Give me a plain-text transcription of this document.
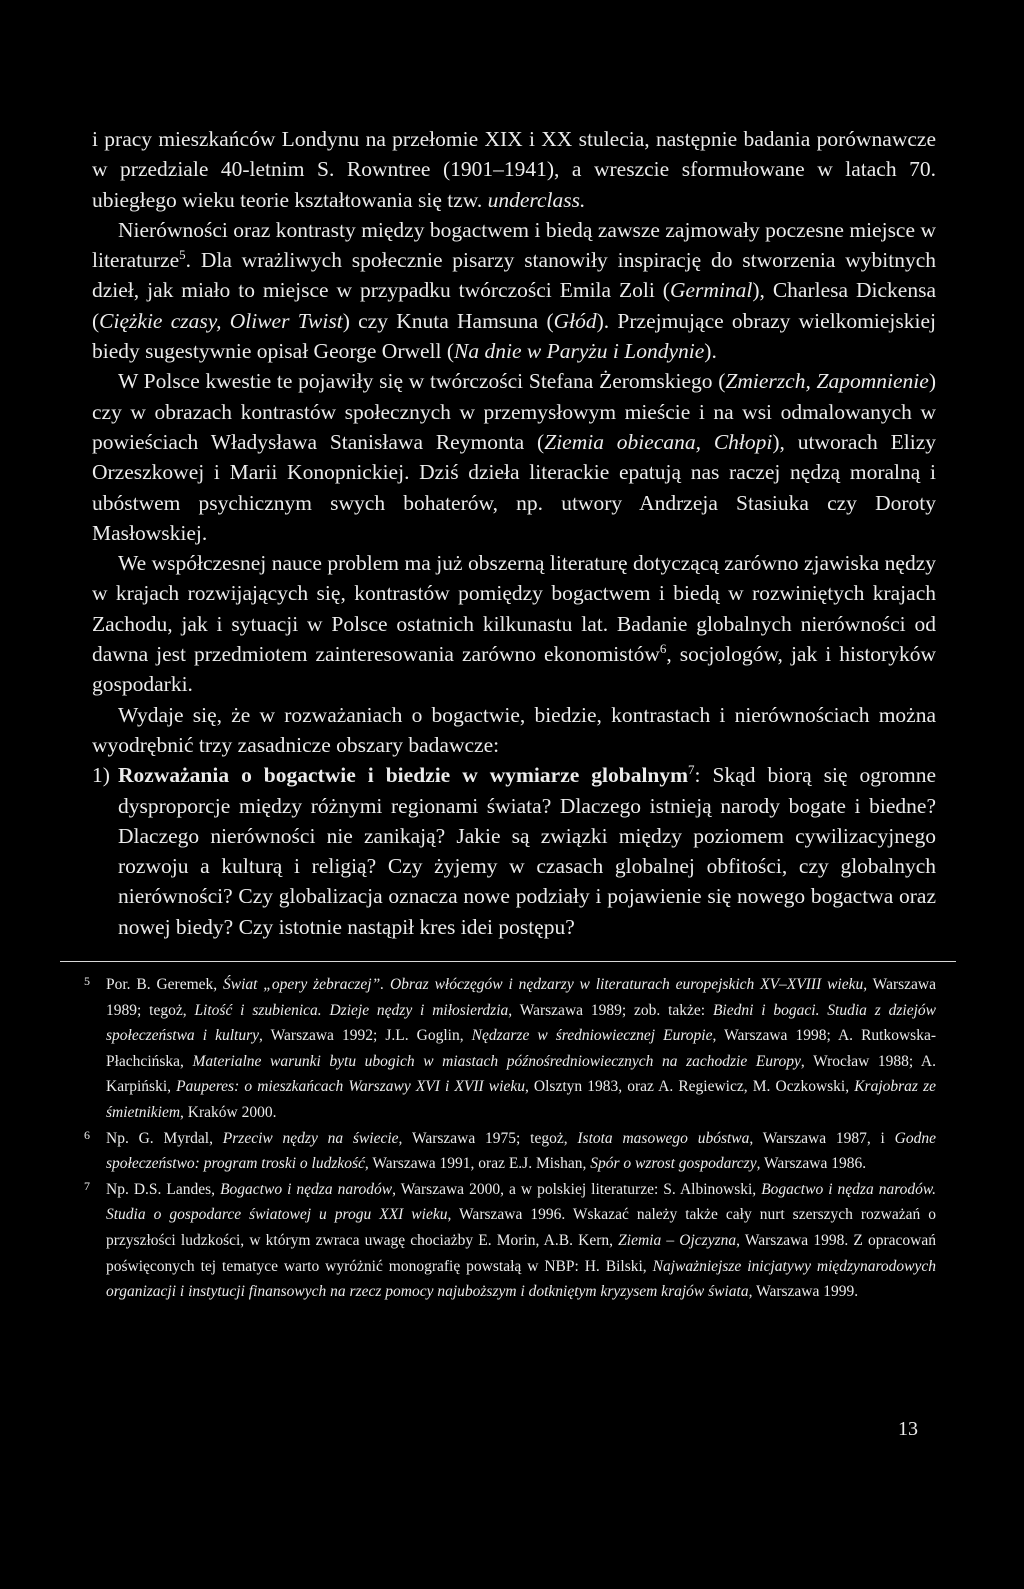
i pracy mieszkańców Londynu na przełomie XIX i XX stulecia, następnie badania porównawcze w przedziale 40-letnim S. Rowntree (1901–1941), a wreszcie sformułowane w latach 70. ubiegłego wieku teorie kształtowania się tzw. underclass.

Nierówności oraz kontrasty między bogactwem i biedą zawsze zajmowały poczesne miejsce w literaturze$^5$. Dla wrażliwych społecznie pisarzy stanowiły inspirację do stworzenia wybitnych dzieł, jak miało to miejsce w przypadku twórczości Emila Zoli (Germinal), Charlesa Dickensa (Ciężkie czasy, Oliwer Twist) czy Knuta Hamsuna (Głód). Przejmujące obrazy wielkomiejskiej biedy sugestywnie opisał George Orwell (Na dnie w Paryżu i Londynie).

W Polsce kwestie te pojawiły się w twórczości Stefana Żeromskiego (Zmierzch, Zapomnienie) czy w obrazach kontrastów społecznych w przemysłowym mieście i na wsi odmalowanych w powieściach Władysława Stanisława Reymonta (Ziemia obiecana, Chłopi), utworach Elizy Orzeszkowej i Marii Konopnickiej. Dziś dzieła literackie epatują nas raczej nędzą moralną i ubóstwem psychicznym swych bohaterów, np. utwory Andrzeja Stasiuka czy Doroty Masłowskiej.

We współczesnej nauce problem ma już obszerną literaturę dotyczącą zarówno zjawiska nędzy w krajach rozwijających się, kontrastów pomiędzy bogactwem i biedą w rozwiniętych krajach Zachodu, jak i sytuacji w Polsce ostatnich kilkunastu lat. Badanie globalnych nierówności od dawna jest przedmiotem zainteresowania zarówno ekonomistów$^6$, socjologów, jak i historyków gospodarki.

Wydaje się, że w rozważaniach o bogactwie, biedzie, kontrastach i nierównościach można wyodrębnić trzy zasadnicze obszary badawcze:

1) Rozważania o bogactwie i biedzie w wymiarze globalnym$^7$: Skąd biorą się ogromne dysproporcje między różnymi regionami świata? Dlaczego istnieją narody bogate i biedne? Dlaczego nierówności nie zanikają? Jakie są związki między poziomem cywilizacyjnego rozwoju a kulturą i religią? Czy żyjemy w czasach globalnej obfitości, czy globalnych nierówności? Czy globalizacja oznacza nowe podziały i pojawienie się nowego bogactwa oraz nowej biedy? Czy istotnie nastąpił kres idei postępu?

5 Por. B. Geremek, Świat „opery żebraczej”. Obraz włóczęgów i nędzarzy w literaturach europejskich XV–XVIII wieku, Warszawa 1989; tegoż, Litość i szubienica. Dzieje nędzy i miłosierdzia, Warszawa 1989; zob. także: Biedni i bogaci. Studia z dziejów społeczeństwa i kultury, Warszawa 1992; J.L. Goglin, Nędzarze w średniowiecznej Europie, Warszawa 1998; A. Rutkowska-Płachcińska, Materialne warunki bytu ubogich w miastach późnośredniowiecznych na zachodzie Europy, Wrocław 1988; A. Karpiński, Pauperes: o mieszkańcach Warszawy XVI i XVII wieku, Olsztyn 1983, oraz A. Regiewicz, M. Oczkowski, Krajobraz ze śmietnikiem, Kraków 2000.

6 Np. G. Myrdal, Przeciw nędzy na świecie, Warszawa 1975; tegoż, Istota masowego ubóstwa, Warszawa 1987, i Godne społeczeństwo: program troski o ludzkość, Warszawa 1991, oraz E.J. Mishan, Spór o wzrost gospodarczy, Warszawa 1986.

7 Np. D.S. Landes, Bogactwo i nędza narodów, Warszawa 2000, a w polskiej literaturze: S. Albinowski, Bogactwo i nędza narodów. Studia o gospodarce światowej u progu XXI wieku, Warszawa 1996. Wskazać należy także cały nurt szerszych rozważań o przyszłości ludzkości, w którym zwraca uwagę chociażby E. Morin, A.B. Kern, Ziemia – Ojczyzna, Warszawa 1998. Z opracowań poświęconych tej tematyce warto wyróżnić monografię powstałą w NBP: H. Bilski, Najważniejsze inicjatywy międzynarodowych organizacji i instytucji finansowych na rzecz pomocy najuboższym i dotkniętym kryzysem krajów świata, Warszawa 1999.

13
